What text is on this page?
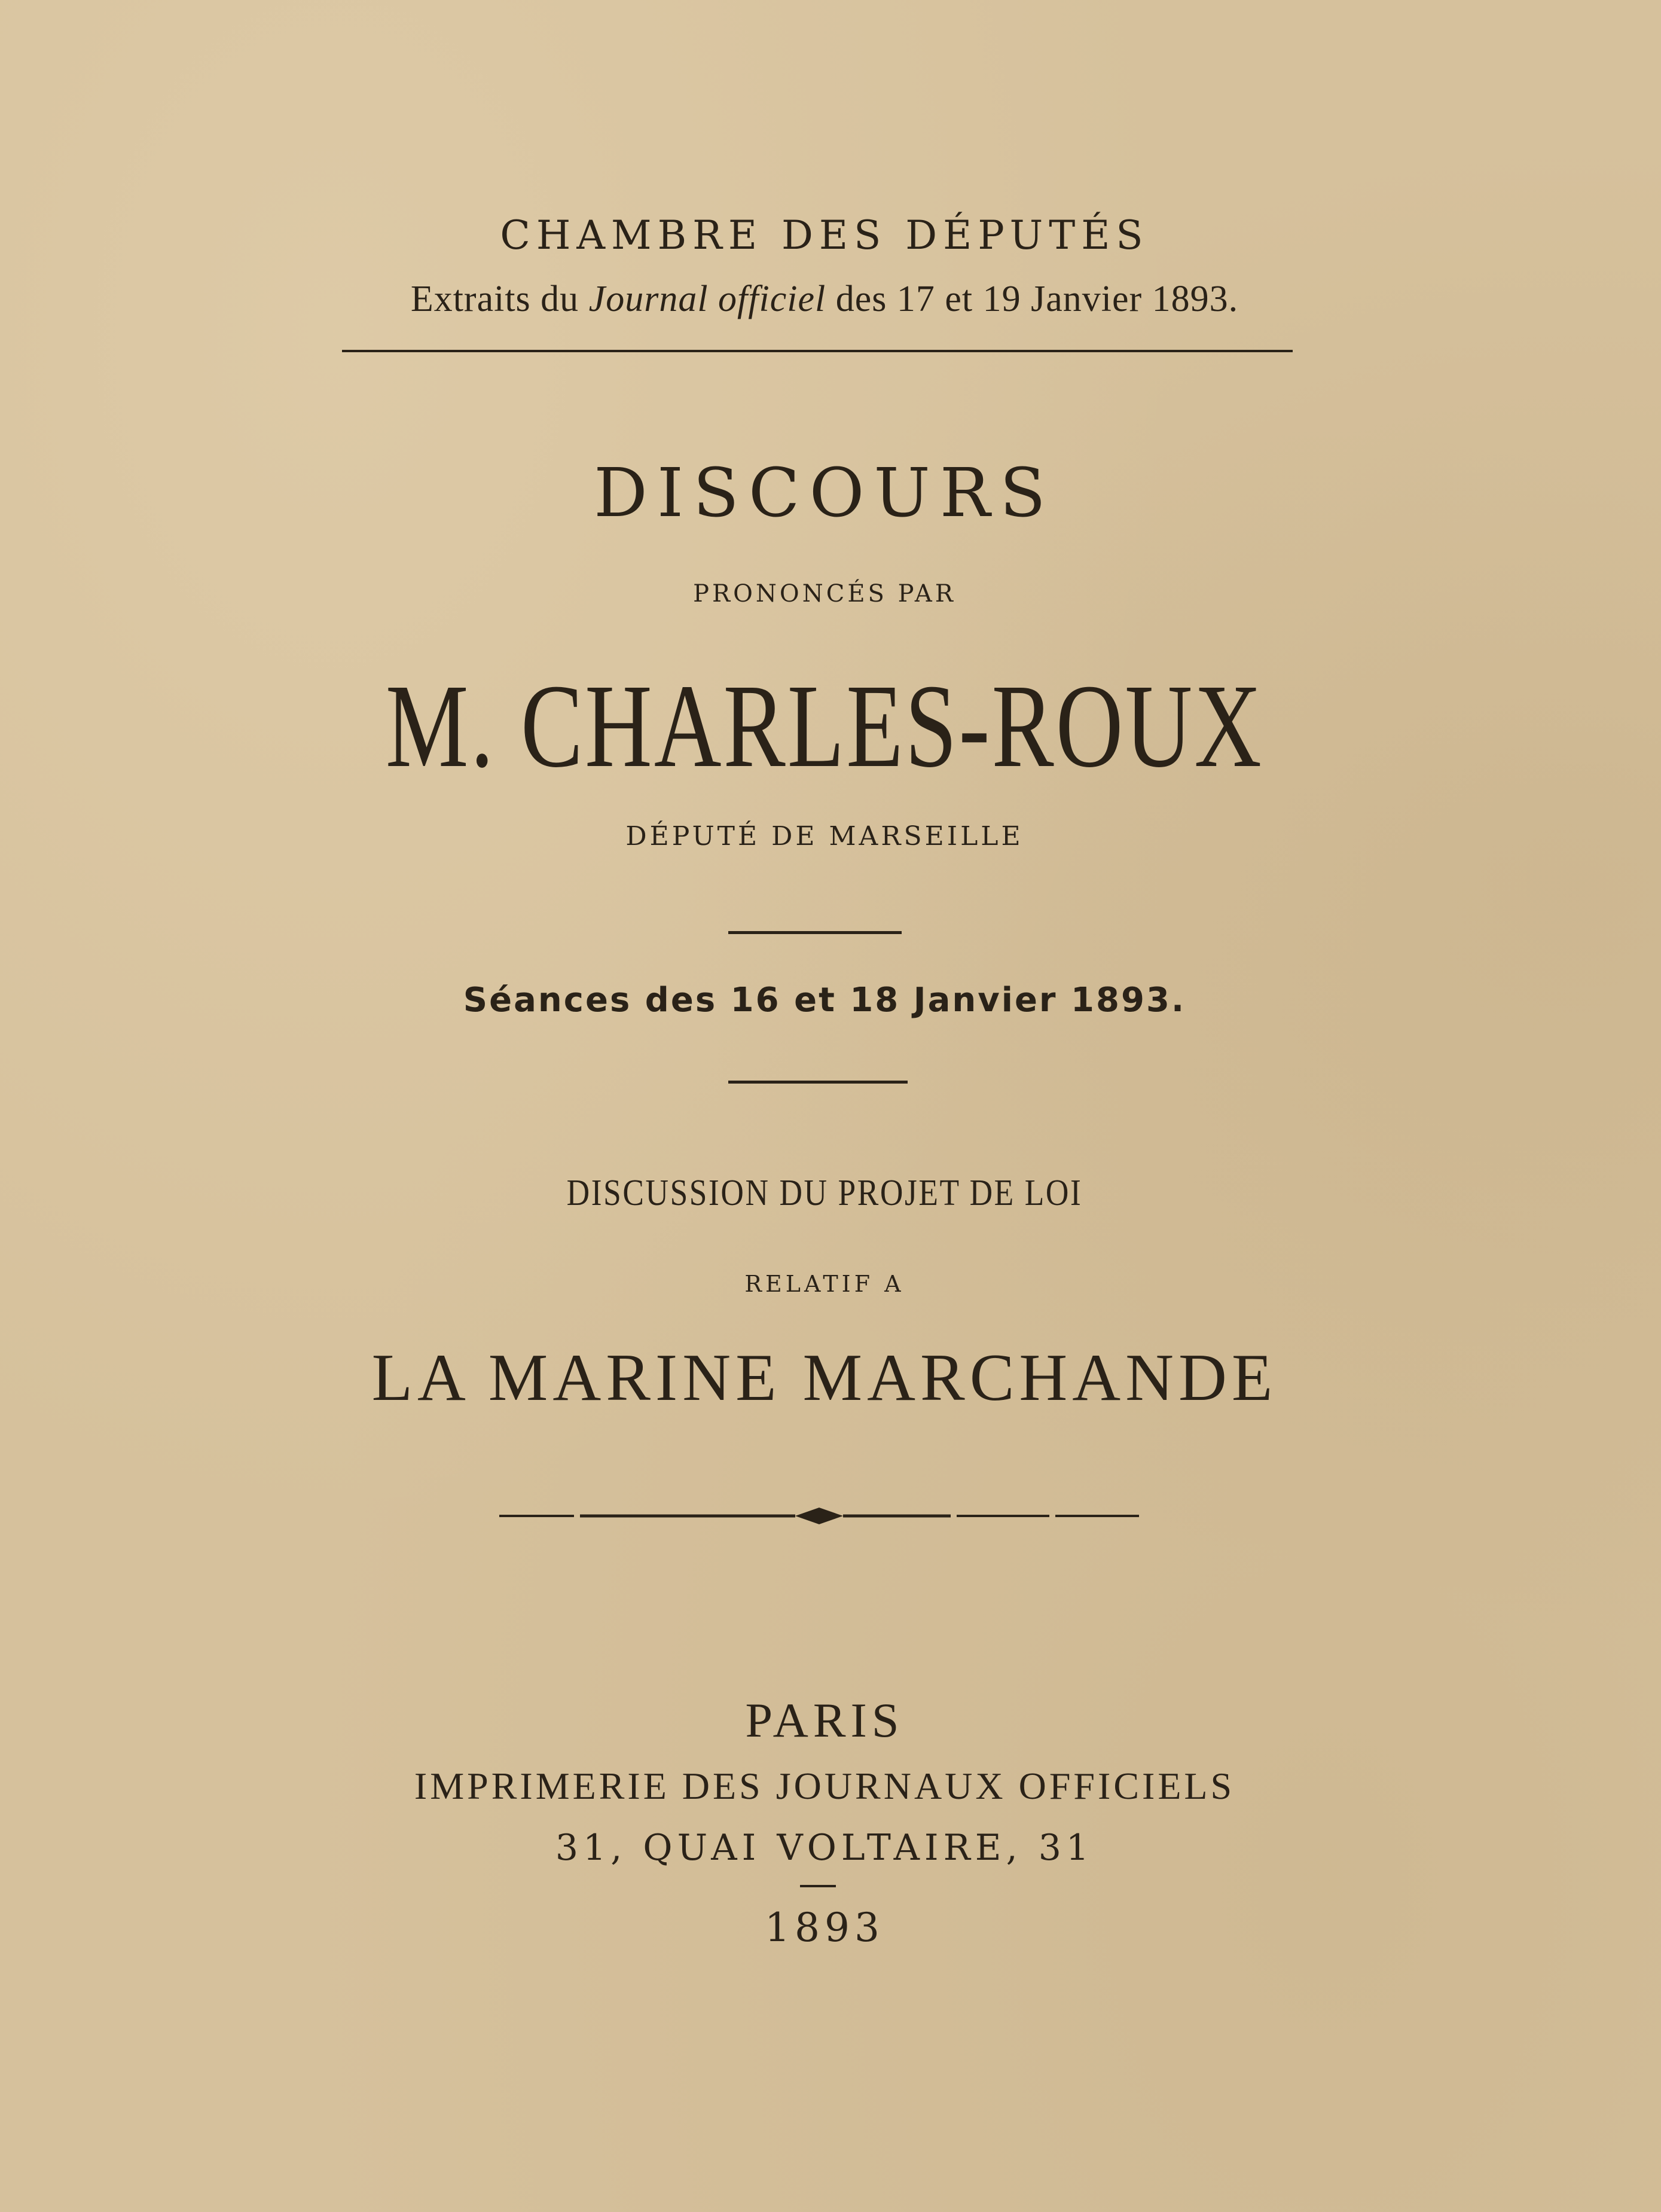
CHAMBRE DES DÉPUTÉS
Extraits du Journal officiel des 17 et 19 Janvier 1893.
DISCOURS
PRONONCÉS PAR
M. CHARLES-ROUX
DÉPUTÉ DE MARSEILLE
Séances des 16 et 18 Janvier 1893.
DISCUSSION DU PROJET DE LOI
RELATIF A
LA MARINE MARCHANDE
PARIS
IMPRIMERIE DES JOURNAUX OFFICIELS
31, QUAI VOLTAIRE, 31
1893
